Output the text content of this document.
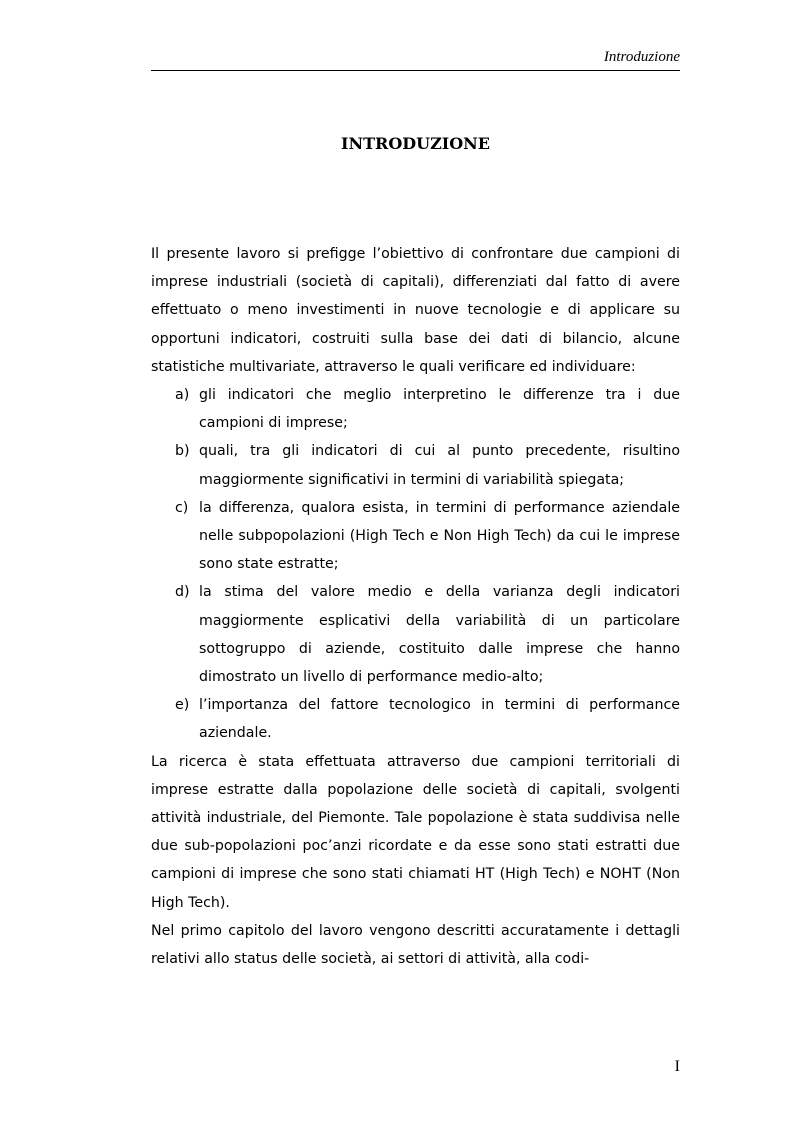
Introduzione
INTRODUZIONE

Il presente lavoro si prefigge l’obiettivo di confrontare due campioni di imprese industriali (società di capitali), differenziati dal fatto di avere effettuato o meno investimenti in nuove tecnologie e di applicare su opportuni indicatori, costruiti sulla base dei dati di bilancio, alcune statistiche multivariate, attraverso le quali verificare ed individuare:

a) gli indicatori che meglio interpretino le differenze tra i due campioni di imprese;
b) quali, tra gli indicatori di cui al punto precedente, risultino maggiormente significativi in termini di variabilità spiegata;
c) la differenza, qualora esista, in termini di performance aziendale nelle subpopolazioni (High Tech e Non High Tech) da cui le imprese sono state estratte;
d) la stima del valore medio e della varianza degli indicatori maggiormente esplicativi della variabilità di un particolare sottogruppo di aziende, costituito dalle imprese che hanno dimostrato un livello di performance medio-alto;
e) l’importanza del fattore tecnologico in termini di performance aziendale.

La ricerca è stata effettuata attraverso due campioni territoriali di imprese estratte dalla popolazione delle società di capitali, svolgenti attività industriale, del Piemonte. Tale popolazione è stata suddivisa nelle due sub-popolazioni poc’anzi ricordate e da esse sono stati estratti due campioni di imprese che sono stati chiamati HT (High Tech) e NOHT (Non High Tech).

Nel primo capitolo del lavoro vengono descritti accuratamente i dettagli relativi allo status delle società, ai settori di attività, alla codi-

I
